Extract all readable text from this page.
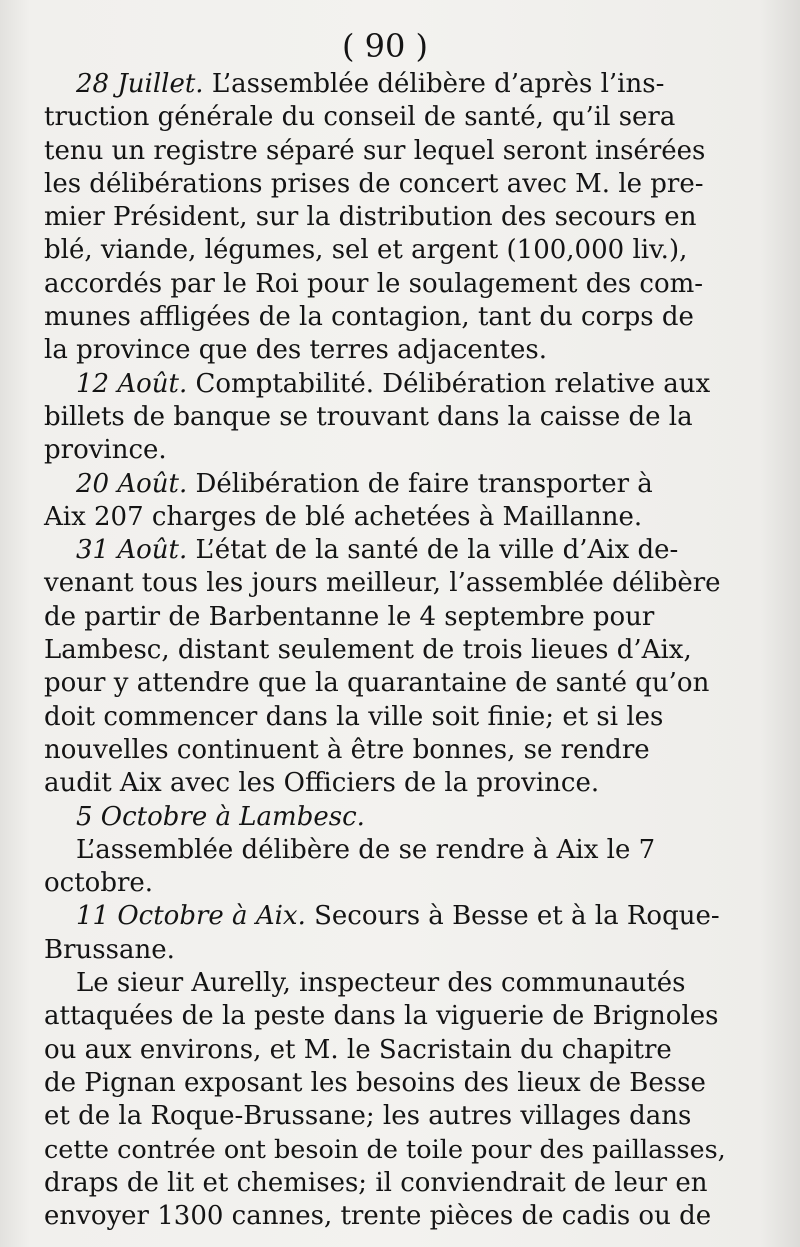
( 90 )
28 Juillet. L’assemblée délibère d’après l’ins-
truction générale du conseil de santé, qu’il sera
tenu un registre séparé sur lequel seront insérées
les délibérations prises de concert avec M. le pre-
mier Président, sur la distribution des secours en
blé, viande, légumes, sel et argent (100,000 liv.),
accordés par le Roi pour le soulagement des com-
munes affligées de la contagion, tant du corps de
la province que des terres adjacentes.
12 Août. Comptabilité. Délibération relative aux
billets de banque se trouvant dans la caisse de la
province.
20 Août. Délibération de faire transporter à
Aix 207 charges de blé achetées à Maillanne.
31 Août. L’état de la santé de la ville d’Aix de-
venant tous les jours meilleur, l’assemblée délibère
de partir de Barbentanne le 4 septembre pour
Lambesc, distant seulement de trois lieues d’Aix,
pour y attendre que la quarantaine de santé qu’on
doit commencer dans la ville soit finie; et si les
nouvelles continuent à être bonnes, se rendre
audit Aix avec les Officiers de la province.
5 Octobre à Lambesc.
L’assemblée délibère de se rendre à Aix le 7
octobre.
11 Octobre à Aix. Secours à Besse et à la Roque-
Brussane.
Le sieur Aurelly, inspecteur des communautés
attaquées de la peste dans la viguerie de Brignoles
ou aux environs, et M. le Sacristain du chapitre
de Pignan exposant les besoins des lieux de Besse
et de la Roque-Brussane; les autres villages dans
cette contrée ont besoin de toile pour des paillasses,
draps de lit et chemises; il conviendrait de leur en
envoyer 1300 cannes, trente pièces de cadis ou de
